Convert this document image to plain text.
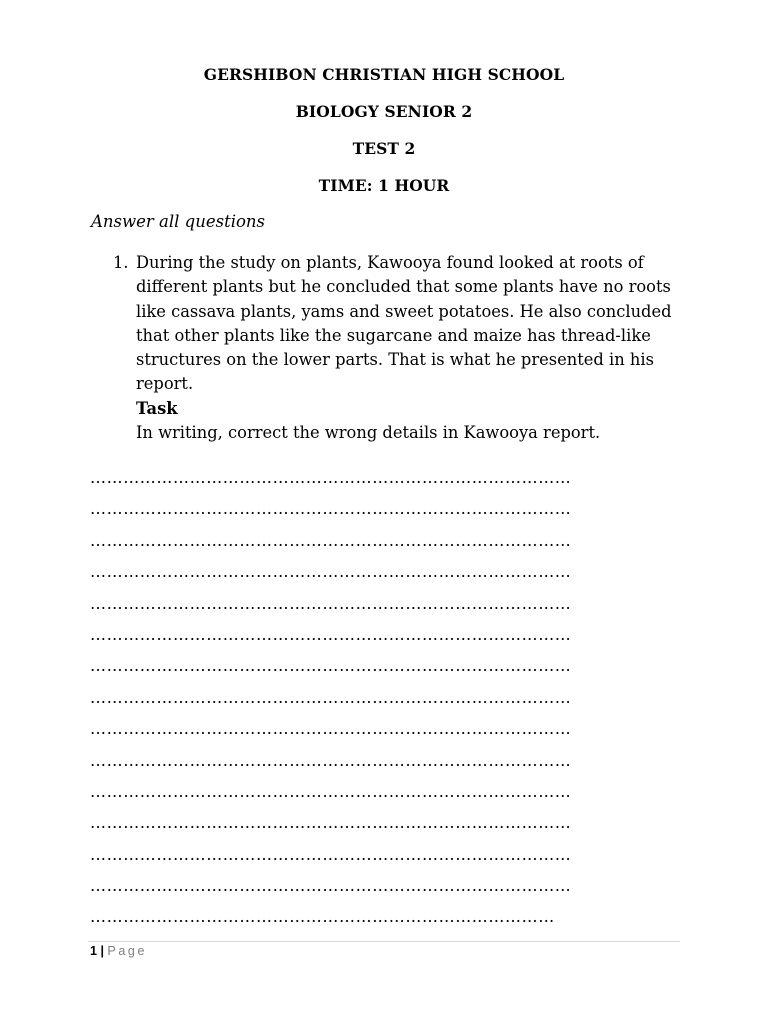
GERSHIBON CHRISTIAN HIGH SCHOOL
BIOLOGY SENIOR 2
TEST 2
TIME: 1 HOUR
Answer all questions
1. During the study on plants, Kawooya found looked at roots of different plants but he concluded that some plants have no roots like cassava plants, yams and sweet potatoes. He also concluded that other plants like the sugarcane and maize has thread-like structures on the lower parts. That is what he presented in his report.

Task

In writing, correct the wrong details in Kawooya report.

……………………………………………………………………………
……………………………………………………………………………
……………………………………………………………………………
……………………………………………………………………………
……………………………………………………………………………
……………………………………………………………………………
……………………………………………………………………………
……………………………………………………………………………
……………………………………………………………………………
……………………………………………………………………………
……………………………………………………………………………
……………………………………………………………………………
……………………………………………………………………………
……………………………………………………………………………
…………………………………………………………………………
1 | Page
